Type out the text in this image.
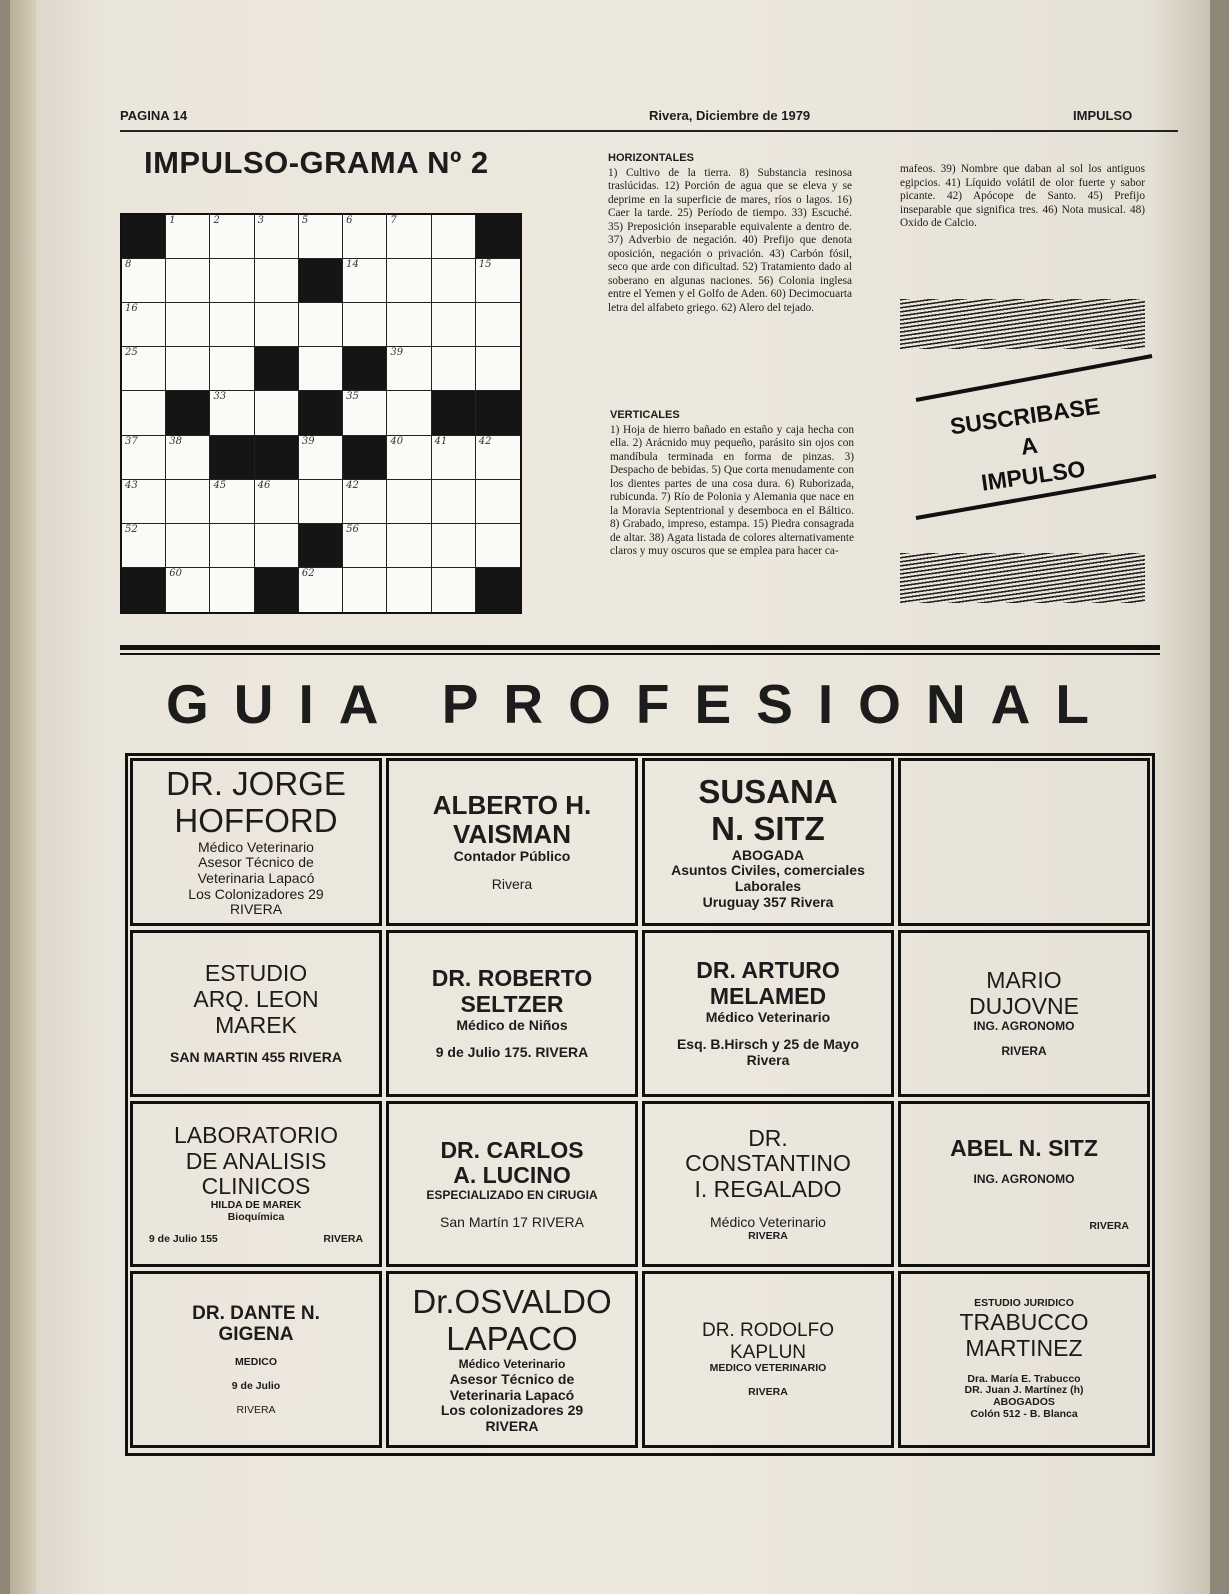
PAGINA 14	Rivera, Diciembre de 1979	IMPULSO
IMPULSO-GRAMA Nº 2
1	2	3	5	6	7
8	14	15
16
25	39
33	35
37	38	39	40	41	42
43	45	46	42
52	56
60	62

HORIZONTALES

1) Cultivo de la tierra. 8) Substancia resinosa traslúcidas. 12) Porción de agua que se eleva y se deprime en la superficie de mares, ríos o lagos. 16) Caer la tarde. 25) Período de tiempo. 33) Escuché. 35) Preposición inseparable equivalente a dentro de. 37) Adverbio de negación. 40) Prefijo que denota oposición, negación o privación. 43) Carbón fósil, seco que arde con dificultad. 52) Tratamiento dado al soberano en algunas naciones. 56) Colonia inglesa entre el Yemen y el Golfo de Aden. 60) Decimocuarta letra del alfabeto griego. 62) Alero del tejado.

VERTICALES

1) Hoja de hierro bañado en estaño y caja hecha con ella. 2) Arácnido muy pequeño, parásito sin ojos con mandíbula terminada en forma de pinzas. 3) Despacho de bebidas. 5) Que corta menudamente con los dientes partes de una cosa dura. 6) Ruborizada, rubicunda. 7) Río de Polonia y Alemania que nace en la Moravia Septentrional y desemboca en el Báltico. 8) Grabado, impreso, estampa. 15) Piedra consagrada de altar. 38) Agata listada de colores alternativamente claros y muy oscuros que se emplea para hacer ca-

mafeos. 39) Nombre que daban al sol los antiguos egipcios. 41) Líquido volátil de olor fuerte y sabor picante. 42) Apócope de Santo. 45) Prefijo inseparable que significa tres. 46) Nota musical. 48) Oxido de Calcio.

SUSCRIBASE
A
IMPULSO
GUIA PROFESIONAL
DR. JORGE
HOFFORD
Médico Veterinario
Asesor Técnico de
Veterinaria Lapacó
Los Colonizadores 29
RIVERA
ALBERTO H.
VAISMAN
Contador Público
Rivera
SUSANA
N. SITZ
ABOGADA
Asuntos Civiles, comerciales
Laborales
Uruguay 357 Rivera
ESTUDIO
ARQ. LEON
MAREK
SAN MARTIN 455 RIVERA
DR. ROBERTO
SELTZER
Médico de Niños
9 de Julio 175. RIVERA
DR. ARTURO
MELAMED
Médico Veterinario
Esq. B.Hirsch y 25 de Mayo
Rivera
MARIO
DUJOVNE
ING. AGRONOMO
RIVERA
LABORATORIO
DE ANALISIS
CLINICOS
HILDA DE MAREK
Bioquímica
9 de Julio 155	RIVERA
DR. CARLOS
A. LUCINO
ESPECIALIZADO EN CIRUGIA
San Martín 17 RIVERA
DR.
CONSTANTINO
I. REGALADO
Médico Veterinario
RIVERA
ABEL N. SITZ
ING. AGRONOMO
RIVERA
DR. DANTE N.
GIGENA
MEDICO
9 de Julio
RIVERA
Dr.OSVALDO
LAPACO
Médico Veterinario
Asesor Técnico de
Veterinaria Lapacó
Los colonizadores 29
RIVERA
DR. RODOLFO
KAPLUN
MEDICO VETERINARIO
RIVERA
ESTUDIO JURIDICO
TRABUCCO
MARTINEZ
Dra. María E. Trabucco
DR. Juan J. Martínez (h)
ABOGADOS
Colón 512 - B. Blanca
